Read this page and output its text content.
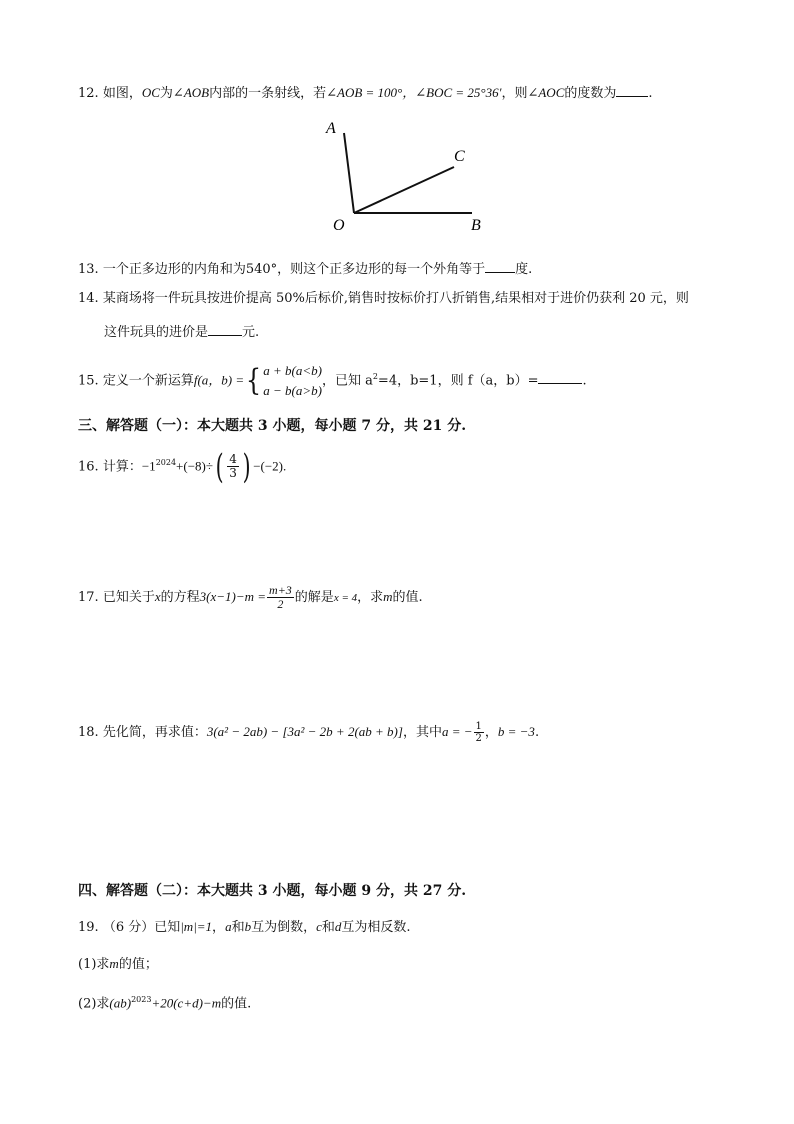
12. 如图，OC为∠AOB内部的一条射线，若∠AOB = 100°，∠BOC = 25°36′，则∠AOC的度数为 .
A
C
O	B
13. 一个正多边形的内角和为540°，则这个正多边形的每一个外角等于 度.
14. 某商场将一件玩具按进价提高 50%后标价,销售时按标价打八折销售,结果相对于进价仍获利 20 元，则
这件玩具的进价是	元.
15. 定义一个新运算f(a，b) ={ a + b(a<b)
a − b(a>b)
，已知 $a^2=4$，b=1，则 f（a，b）=	.
三、解答题（一）：本大题共 3 小题，每小题 7 分，共 21 分.
16. 计算：$-1^{2024}+(-8)\div( \frac{4}{3}$ ) −(−2).
17. 已知关于x的方程$3(x-1)-m = \frac{m+3}{2}$ 的解是x = 4，求m的值.
18. 先化简，再求值：3(a² − 2ab) − [3a² − 2b + 2(ab + b)]，其中a = − $\frac{1}{2}$ ，b = −3.
四、解答题（二）：本大题共 3 小题，每小题 9 分，共 27 分.
19. （6 分）已知|m|=1，a和b互为倒数，c和d互为相反数.
(1)求m的值；
(2)求(ab)$^{2023}$+20(c+d)−m的值.
